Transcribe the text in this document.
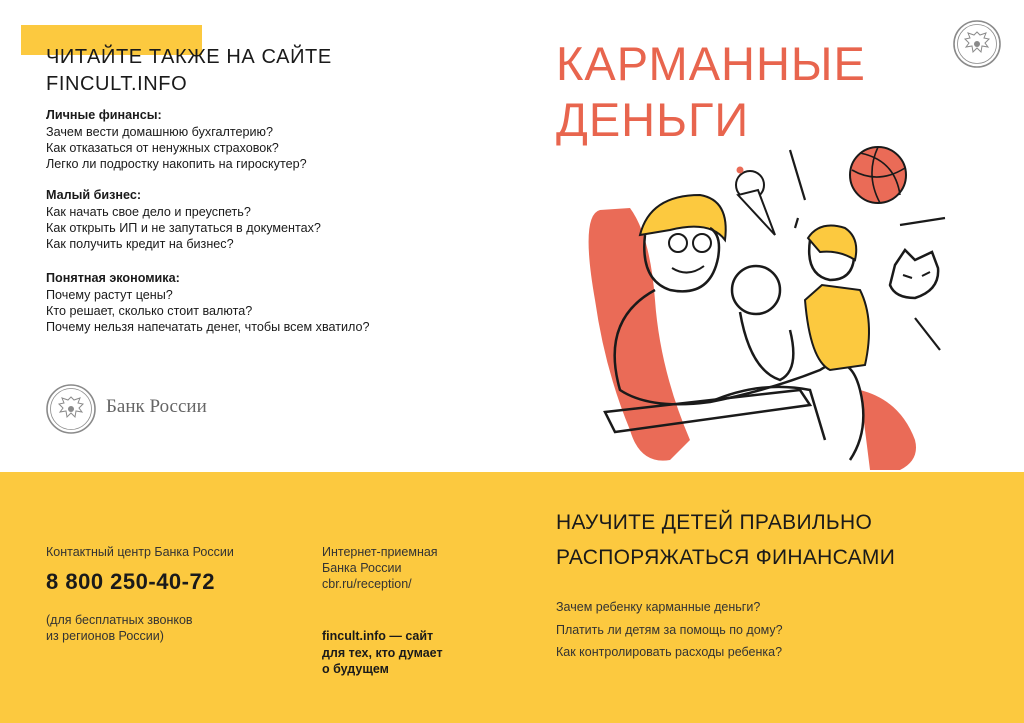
ЧИТАЙТЕ ТАКЖЕ НА САЙТЕ
FINCULT.INFO
Личные финансы:
Зачем вести домашнюю бухгалтерию?
Как отказаться от ненужных страховок?
Легко ли подростку накопить на гироскутер?
Малый бизнес:
Как начать свое дело и преуспеть?
Как открыть ИП и не запутаться в документах?
Как получить кредит на бизнес?
Понятная экономика:
Почему растут цены?
Кто решает, сколько стоит валюта?
Почему нельзя напечатать денег, чтобы всем хватило?
Банк России
КАРМАННЫЕ
ДЕНЬГИ
Контактный центр Банка России
8 800 250-40-72
(для бесплатных звонков
из регионов России)
Интернет-приемная
Банка России
cbr.ru/reception/
fincult.info — сайт
для тех, кто думает
о будущем
НАУЧИТЕ ДЕТЕЙ ПРАВИЛЬНО
РАСПОРЯЖАТЬСЯ ФИНАНСАМИ
Зачем ребенку карманные деньги?
Платить ли детям за помощь по дому?
Как контролировать расходы ребенка?
